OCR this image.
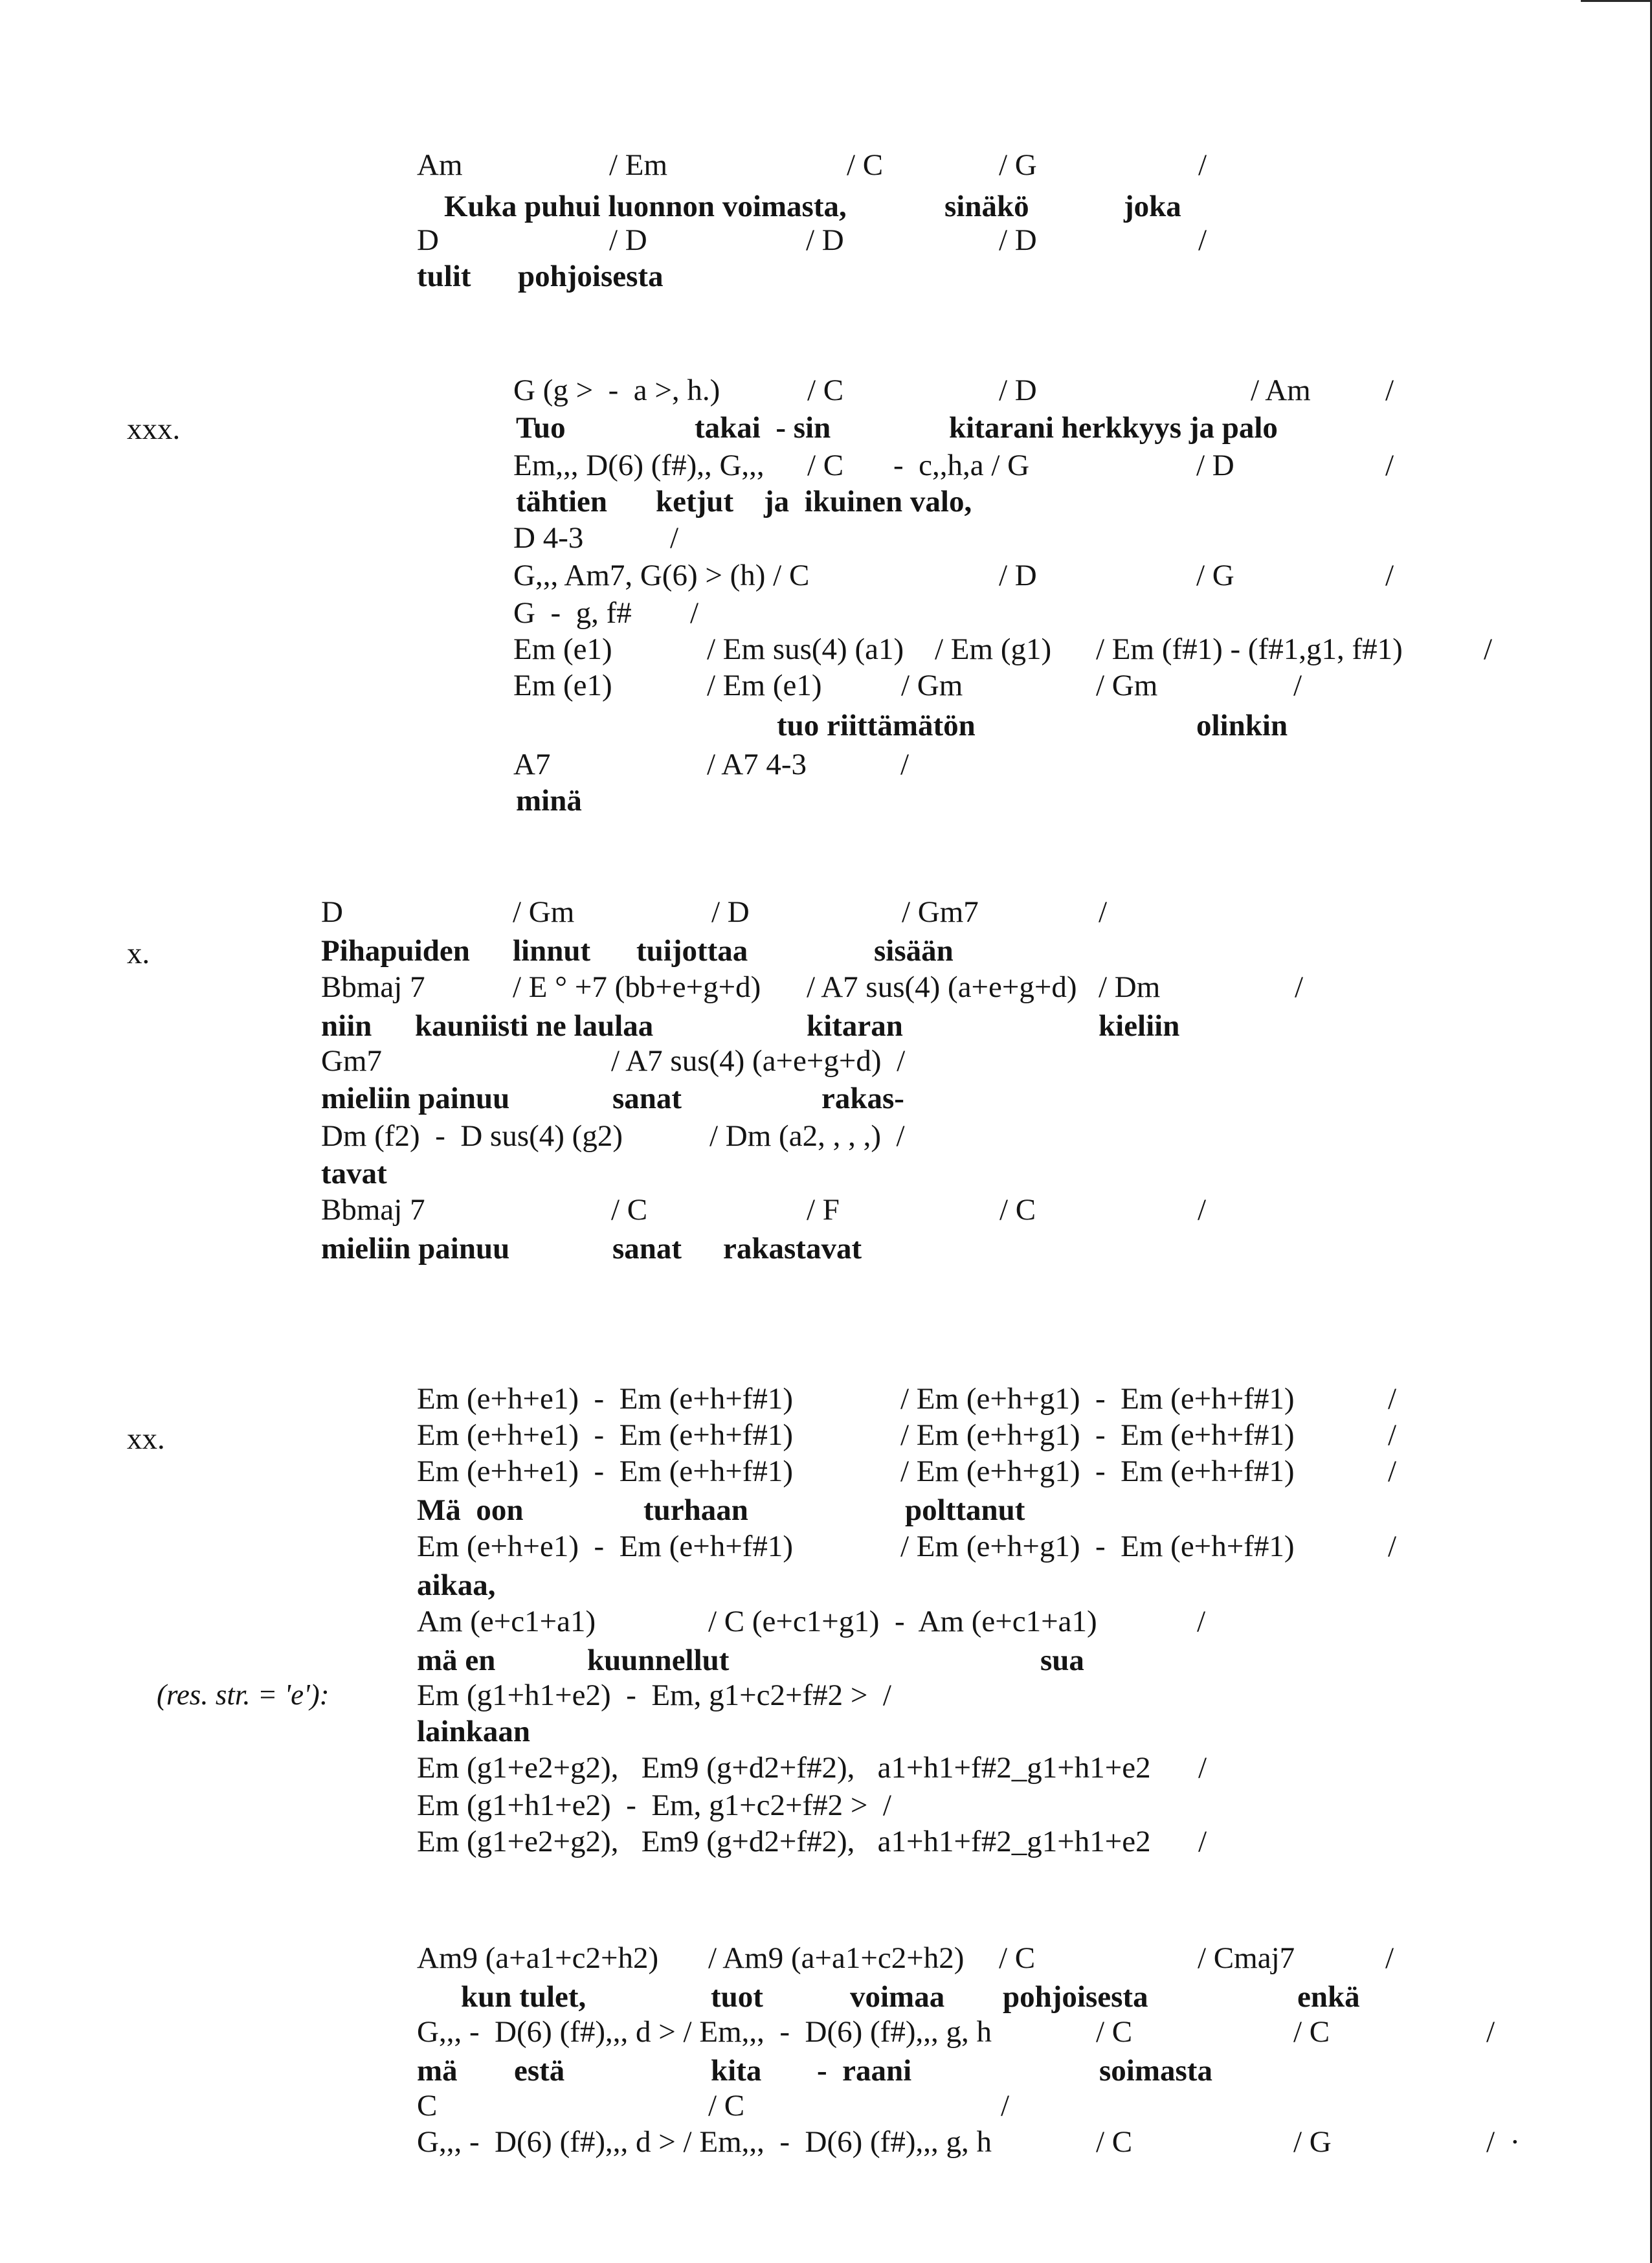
Am	/ Em	/ C	/ G	/
Kuka puhui luonnon voimasta,	sinäkö	joka
D	/ D	/ D	/ D	/
tulit pohjoisesta
xxx.
G (g >  -  a >, h.)	/ C	/ D	/ Am /
Tuo	takai  - sin	kitarani herkkyys ja palo
Em,,, D(6) (f#),, G,,, / C -  c,,h,a / G	/ D	/
tähtien ketjut ja  ikuinen valo,
D 4-3	/
G,,, Am7, G(6) > (h) / C	/ D	/ G	/
G  -  g, f# /
Em (e1)	/ Em sus(4) (a1) / Em (g1) / Em (f#1) - (f#1,g1, f#1)	/
Em (e1)	/ Em (e1)	/ Gm	/ Gm	/
tuo riittämätön	olinkin
A7	/ A7 4-3	/
minä
x.
D	/ Gm	/ D	/ Gm7	/
Pihapuiden linnut tuijottaa	sisään
Bbmaj 7	/ E ° +7 (bb+e+g+d) / A7 sus(4) (a+e+g+d) / Dm	/
niin kauniisti ne laulaa	kitaran	kieliin
Gm7	/ A7 sus(4) (a+e+g+d)  /
mieliin painuu	sanat	rakas-
Dm (f2)  -  D sus(4) (g2)	/ Dm (a2, , , ,)  /
tavat
Bbmaj 7	/ C	/ F	/ C	/
mieliin painuu	sanat rakastavat
xx.
(res. str. = 'e'):
Em (e+h+e1)  -  Em (e+h+f#1)	/ Em (e+h+g1)  -  Em (e+h+f#1)	/
Em (e+h+e1)  -  Em (e+h+f#1)	/ Em (e+h+g1)  -  Em (e+h+f#1)	/
Em (e+h+e1)  -  Em (e+h+f#1)	/ Em (e+h+g1)  -  Em (e+h+f#1)	/
Mä  oon	turhaan	polttanut
Em (e+h+e1)  -  Em (e+h+f#1)	/ Em (e+h+g1)  -  Em (e+h+f#1)	/
aikaa,
Am (e+c1+a1)	/ C (e+c1+g1)  -  Am (e+c1+a1)	/
mä en	kuunnellut	sua
Em (g1+h1+e2)  -  Em, g1+c2+f#2 >  /
lainkaan
Em (g1+e2+g2),   Em9 (g+d2+f#2),   a1+h1+f#2_g1+h1+e2 /
Em (g1+h1+e2)  -  Em, g1+c2+f#2 >  /
Em (g1+e2+g2),   Em9 (g+d2+f#2),   a1+h1+f#2_g1+h1+e2 /
Am9 (a+a1+c2+h2) / Am9 (a+a1+c2+h2) / C	/ Cmaj7	/
kun tulet,	tuot	voimaa pohjoisesta	enkä
G,,, -  D(6) (f#),,, d > / Em,,,  -  D(6) (f#),,, g, h	/ C	/ C	/
mä estä	kita -  raani	soimasta
C	/ C	/
G,,, -  D(6) (f#),,, d > / Em,,,  -  D(6) (f#),,, g, h	/ C	/ G	/  ·
